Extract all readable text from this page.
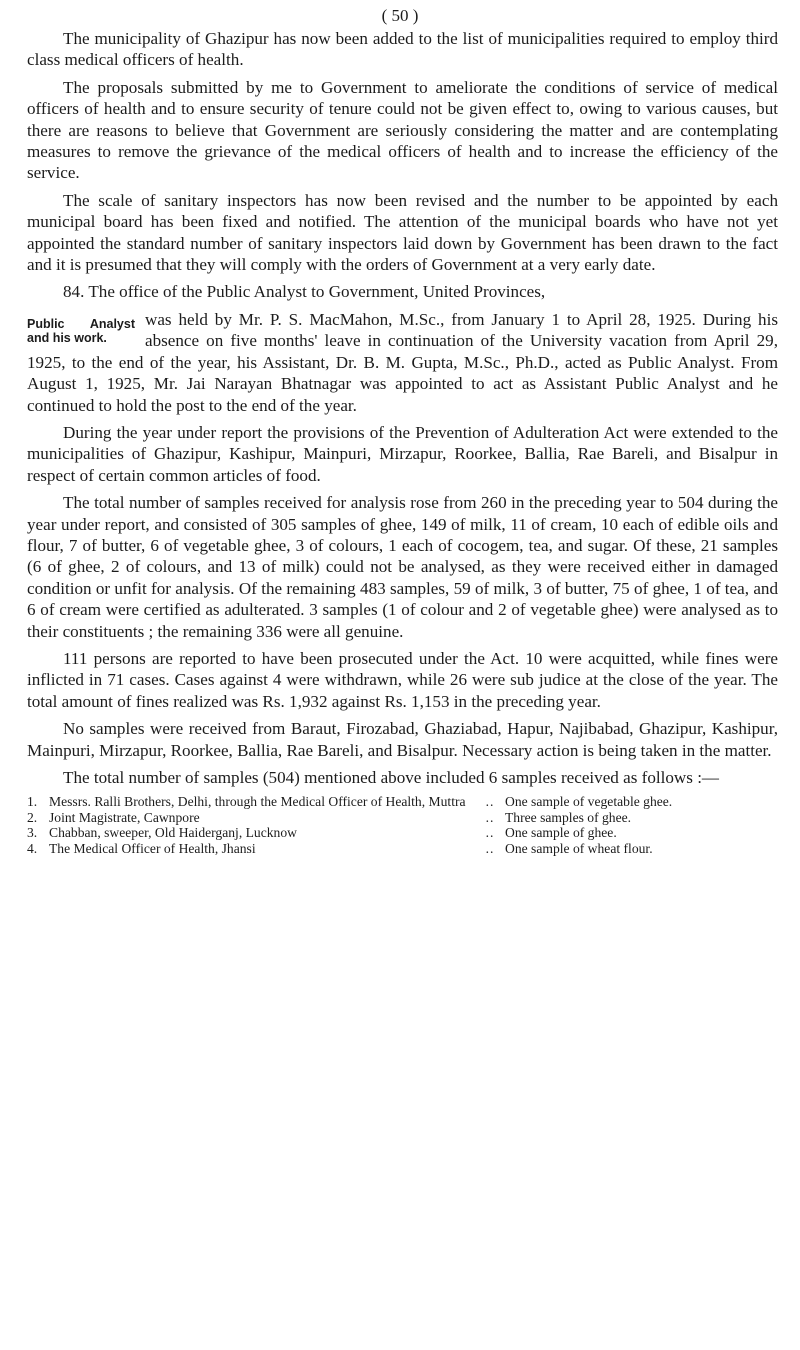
( 50 )

The municipality of Ghazipur has now been added to the list of municipalities required to employ third class medical officers of health.

The proposals submitted by me to Government to ameliorate the conditions of service of medical officers of health and to ensure security of tenure could not be given effect to, owing to various causes, but there are reasons to believe that Government are seriously considering the matter and are contemplating measures to remove the grievance of the medical officers of health and to increase the efficiency of the service.

The scale of sanitary inspectors has now been revised and the number to be appointed by each municipal board has been fixed and notified. The attention of the municipal boards who have not yet appointed the standard number of sanitary inspectors laid down by Government has been drawn to the fact and it is presumed that they will comply with the orders of Government at a very early date.

84. The office of the Public Analyst to Government, United Provinces,

Public Analyst and his work.

was held by Mr. P. S. MacMahon, M.Sc., from January 1 to April 28, 1925. During his absence on five months' leave in continuation of the University vacation from April 29, 1925, to the end of the year, his Assistant, Dr. B. M. Gupta, M.Sc., Ph.D., acted as Public Analyst. From August 1, 1925, Mr. Jai Narayan Bhatnagar was appointed to act as Assistant Public Analyst and he continued to hold the post to the end of the year.

During the year under report the provisions of the Prevention of Adulteration Act were extended to the municipalities of Ghazipur, Kashipur, Mainpuri, Mirzapur, Roorkee, Ballia, Rae Bareli, and Bisalpur in respect of certain common articles of food.

The total number of samples received for analysis rose from 260 in the preceding year to 504 during the year under report, and consisted of 305 samples of ghee, 149 of milk, 11 of cream, 10 each of edible oils and flour, 7 of butter, 6 of vegetable ghee, 3 of colours, 1 each of cocogem, tea, and sugar. Of these, 21 samples (6 of ghee, 2 of colours, and 13 of milk) could not be analysed, as they were received either in damaged condition or unfit for analysis. Of the remaining 483 samples, 59 of milk, 3 of butter, 75 of ghee, 1 of tea, and 6 of cream were certified as adulterated. 3 samples (1 of colour and 2 of vegetable ghee) were analysed as to their constituents ; the remaining 336 were all genuine.

111 persons are reported to have been prosecuted under the Act. 10 were acquitted, while fines were inflicted in 71 cases. Cases against 4 were withdrawn, while 26 were sub judice at the close of the year. The total amount of fines realized was Rs. 1,932 against Rs. 1,153 in the preceding year.

No samples were received from Baraut, Firozabad, Ghaziabad, Hapur, Najibabad, Ghazipur, Kashipur, Mainpuri, Mirzapur, Roorkee, Ballia, Rae Bareli, and Bisalpur. Necessary action is being taken in the matter.

The total number of samples (504) mentioned above included 6 samples received as follows :—

1. Messrs. Ralli Brothers, Delhi, through the Medical Officer of Health, Muttra	.. One sample of vegetable ghee.
2. Joint Magistrate, Cawnpore	.. Three samples of ghee.
3. Chabban, sweeper, Old Haiderganj, Lucknow	.. One sample of ghee.
4. The Medical Officer of Health, Jhansi	.. One sample of wheat flour.
